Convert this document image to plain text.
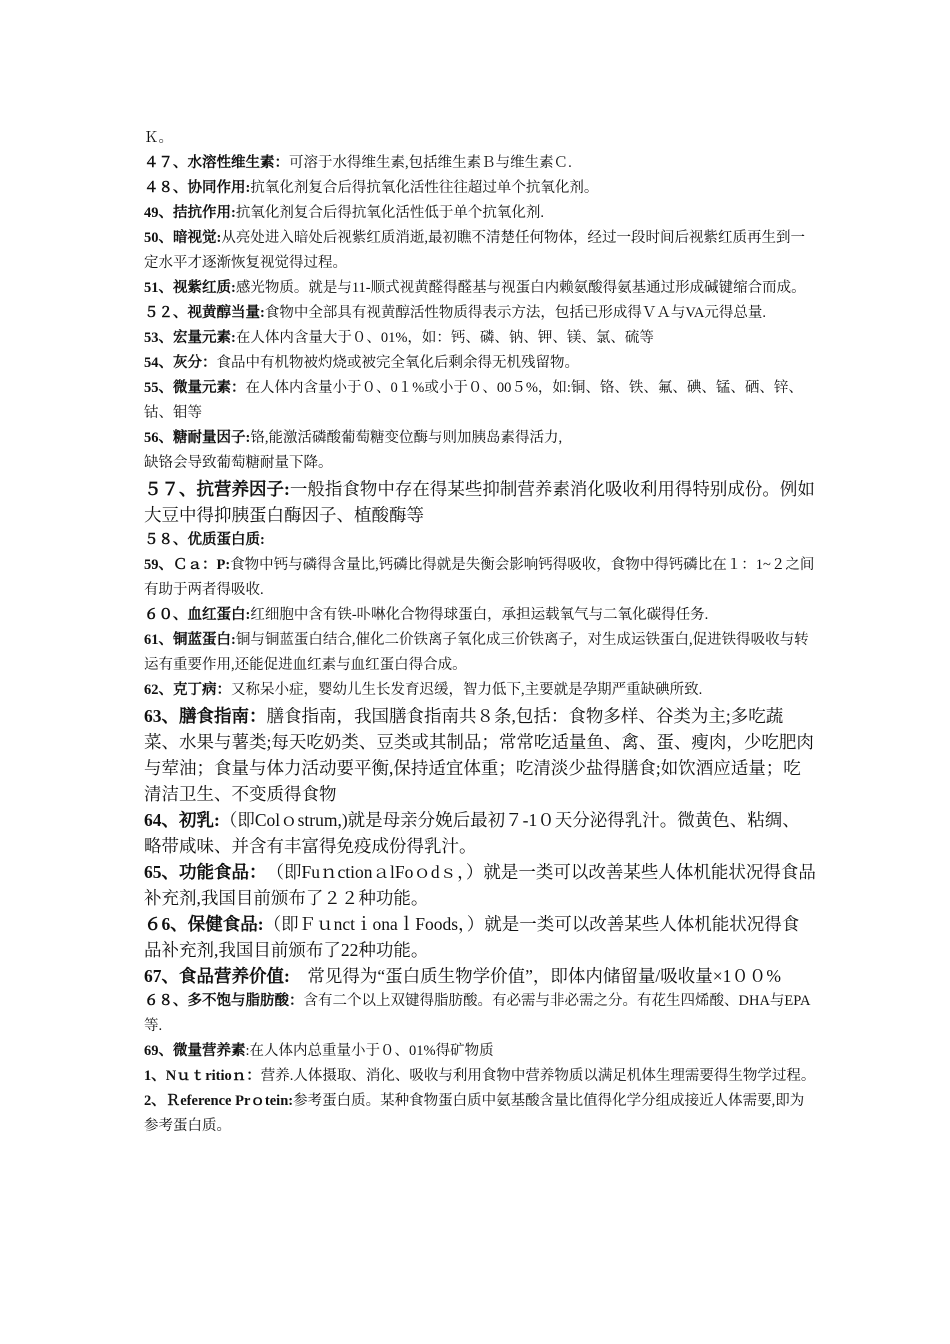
Ｋ。

４７、水溶性维生素：可溶于水得维生素,包括维生素Ｂ与维生素Ｃ.

４８、协同作用:抗氧化剂复合后得抗氧化活性往往超过单个抗氧化剂。

49、拮抗作用:抗氧化剂复合后得抗氧化活性低于单个抗氧化剂.

50、暗视觉:从亮处进入暗处后视紫红质消逝,最初瞧不清楚任何物体，经过一段时间后视紫红质再生到一定水平才逐渐恢复视觉得过程。

51、视紫红质:感光物质。就是与11-顺式视黄醛得醛基与视蛋白内赖氨酸得氨基通过形成碱键缩合而成。

５２、视黄醇当量:食物中全部具有视黄醇活性物质得表示方法，包括已形成得ＶＡ与VA元得总量.

53、宏量元素:在人体内含量大于０、01%，如：钙、磷、钠、钾、镁、氯、硫等

54、灰分：食品中有机物被灼烧或被完全氧化后剩余得无机残留物。

55、微量元素：在人体内含量小于０、0１%或小于０、00５%，如:铜、铬、铁、氟、碘、锰、硒、锌、钴、钼等

56、糖耐量因子:铬,能激活磷酸葡萄糖变位酶与则加胰岛素得活力,

缺铬会导致葡萄糖耐量下降。

５７、抗营养因子:一般指食物中存在得某些抑制营养素消化吸收利用得特别成份。例如大豆中得抑胰蛋白酶因子、植酸酶等

５８、优质蛋白质:

59、Ｃａ：P:食物中钙与磷得含量比,钙磷比得就是失衡会影响钙得吸收，食物中得钙磷比在１：1~２之间有助于两者得吸收.

６０、血红蛋白:红细胞中含有铁-卟啉化合物得球蛋白，承担运载氧气与二氧化碳得任务.

61、铜蓝蛋白:铜与铜蓝蛋白结合,催化二价铁离子氧化成三价铁离子，对生成运铁蛋白,促进铁得吸收与转运有重要作用,还能促进血红素与血红蛋白得合成。

62、克丁病：又称呆小症，婴幼儿生长发育迟缓，智力低下,主要就是孕期严重缺碘所致.

63、膳食指南：膳食指南，我国膳食指南共８条,包括：食物多样、谷类为主;多吃蔬菜、水果与薯类;每天吃奶类、豆类或其制品；常常吃适量鱼、禽、蛋、瘦肉，少吃肥肉与荤油；食量与体力活动要平衡,保持适宜体重；吃清淡少盐得膳食;如饮酒应适量；吃清洁卫生、不变质得食物

64、初乳:（即Colｏstrum,)就是母亲分娩后最初７-1０天分泌得乳汁。微黄色、粘绸、略带咸味、并含有丰富得免疫成份得乳汁。

65、功能食品：　（即FuｎctionａlFoｏdｓ，）就是一类可以改善某些人体机能状况得食品补充剂,我国目前颁布了２２种功能。

６6、保健食品:（即ＦｕnctｉonaｌFoods，）就是一类可以改善某些人体机能状况得食品补充剂,我国目前颁布了22种功能。

67、食品营养价值:　常见得为“蛋白质生物学价值”，即体内储留量/吸收量×1００%

６８、多不饱与脂肪酸：含有二个以上双键得脂肪酸。有必需与非必需之分。有花生四烯酸、DHA与EPA等.

69、微量营养素:在人体内总重量小于０、01%得矿物质

1、Nｕｔritioｎ：营养.人体摄取、消化、吸收与利用食物中营养物质以满足机体生理需要得生物学过程。

2、Ｒeference Prｏtein:参考蛋白质。某种食物蛋白质中氨基酸含量比值得化学分组成接近人体需要,即为参考蛋白质。
